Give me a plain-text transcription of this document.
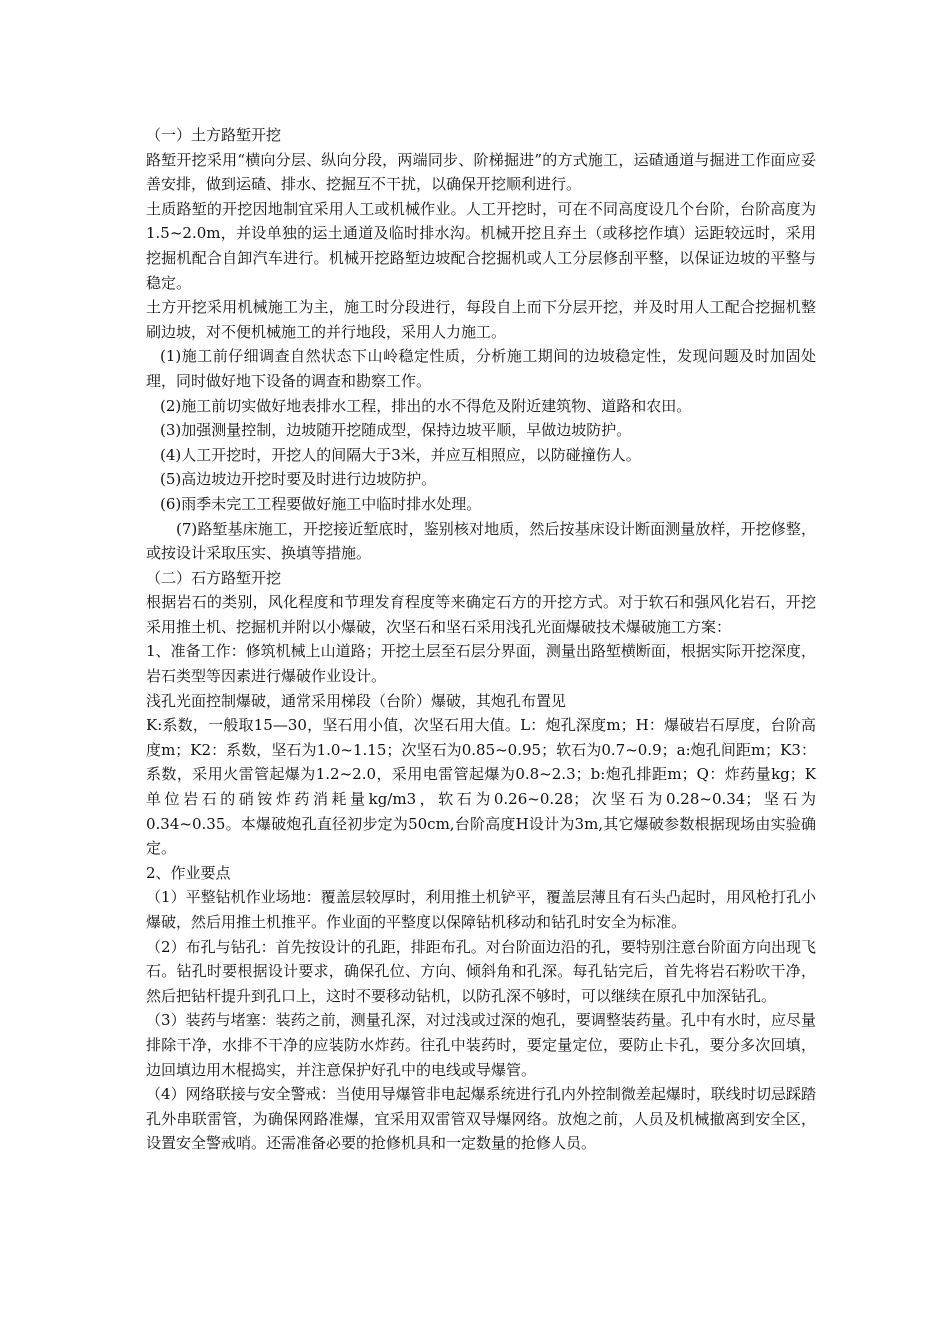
（一）土方路堑开挖

路堑开挖采用“横向分层、纵向分段，两端同步、阶梯掘进”的方式施工，运碴通道与掘进工作面应妥善安排，做到运碴、排水、挖掘互不干扰，以确保开挖顺利进行。

土质路堑的开挖因地制宜采用人工或机械作业。人工开挖时，可在不同高度设几个台阶，台阶高度为1.5~2.0m，并设单独的运土通道及临时排水沟。机械开挖且弃土（或移挖作填）运距较远时，采用挖掘机配合自卸汽车进行。机械开挖路堑边坡配合挖掘机或人工分层修刮平整，以保证边坡的平整与稳定。

土方开挖采用机械施工为主，施工时分段进行，每段自上而下分层开挖，并及时用人工配合挖掘机整刷边坡，对不便机械施工的并行地段，采用人力施工。

(1)施工前仔细调查自然状态下山岭稳定性质，分析施工期间的边坡稳定性，发现问题及时加固处理，同时做好地下设备的调查和勘察工作。

(2)施工前切实做好地表排水工程，排出的水不得危及附近建筑物、道路和农田。

(3)加强测量控制，边坡随开挖随成型，保持边坡平顺，早做边坡防护。

(4)人工开挖时，开挖人的间隔大于3米，并应互相照应，以防碰撞伤人。

(5)高边坡边开挖时要及时进行边坡防护。

(6)雨季未完工工程要做好施工中临时排水处理。

(7)路堑基床施工，开挖接近堑底时，鉴别核对地质，然后按基床设计断面测量放样，开挖修整，或按设计采取压实、换填等措施。

（二）石方路堑开挖

根据岩石的类别，风化程度和节理发育程度等来确定石方的开挖方式。对于软石和强风化岩石，开挖采用推土机、挖掘机并附以小爆破，次坚石和坚石采用浅孔光面爆破技术爆破施工方案：

1、准备工作：修筑机械上山道路；开挖土层至石层分界面，测量出路堑横断面，根据实际开挖深度，岩石类型等因素进行爆破作业设计。

浅孔光面控制爆破，通常采用梯段（台阶）爆破，其炮孔布置见

K:系数，一般取15—30，坚石用小值，次坚石用大值。L：炮孔深度m；H：爆破岩石厚度，台阶高度m；K2：系数，坚石为1.0~1.15；次坚石为0.85~0.95；软石为0.7~0.9；a:炮孔间距m；K3：系数，采用火雷管起爆为1.2~2.0，采用电雷管起爆为0.8~2.3；b:炮孔排距m；Q：炸药量kg；K单位岩石的硝铵炸药消耗量kg/m3，软石为0.26~0.28；次坚石为0.28~0.34；坚石为0.34~0.35。本爆破炮孔直径初步定为50cm,台阶高度H设计为3m,其它爆破参数根据现场由实验确定。

2、作业要点

（1）平整钻机作业场地：覆盖层较厚时，利用推土机铲平，覆盖层薄且有石头凸起时，用风枪打孔小爆破，然后用推土机推平。作业面的平整度以保障钻机移动和钻孔时安全为标准。

（2）布孔与钻孔：首先按设计的孔距，排距布孔。对台阶面边沿的孔，要特别注意台阶面方向出现飞石。钻孔时要根据设计要求，确保孔位、方向、倾斜角和孔深。每孔钻完后，首先将岩石粉吹干净，然后把钻杆提升到孔口上，这时不要移动钻机，以防孔深不够时，可以继续在原孔中加深钻孔。

（3）装药与堵塞：装药之前，测量孔深，对过浅或过深的炮孔，要调整装药量。孔中有水时，应尽量排除干净，水排不干净的应装防水炸药。往孔中装药时，要定量定位，要防止卡孔，要分多次回填，边回填边用木棍捣实，并注意保护好孔中的电线或导爆管。

（4）网络联接与安全警戒：当使用导爆管非电起爆系统进行孔内外控制微差起爆时，联线时切忌踩踏孔外串联雷管，为确保网路准爆，宜采用双雷管双导爆网络。放炮之前，人员及机械撤离到安全区，设置安全警戒哨。还需准备必要的抢修机具和一定数量的抢修人员。
